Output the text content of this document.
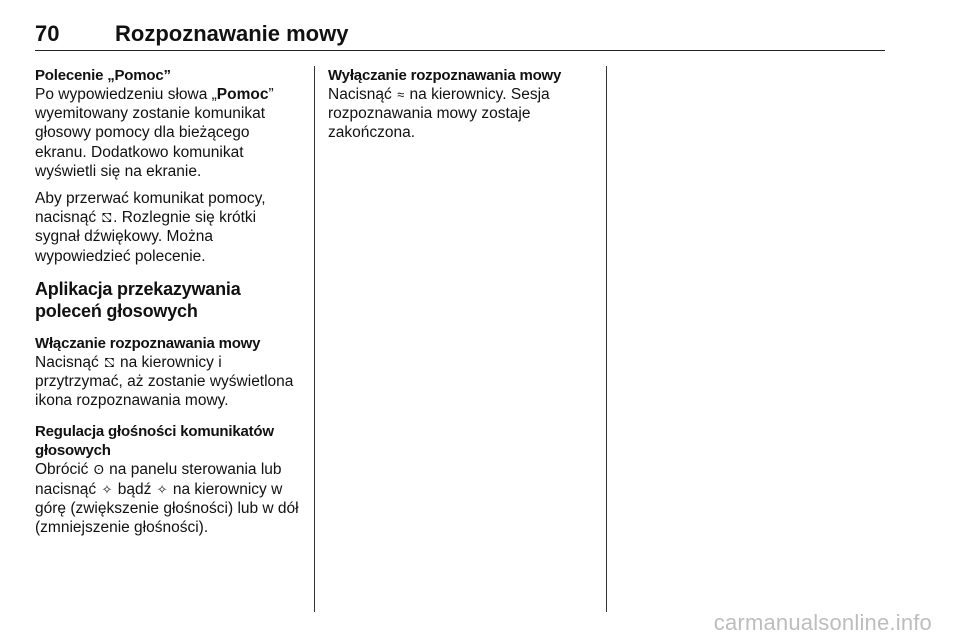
70	Rozpoznawanie mowy
Polecenie „Pomoc”

Po wypowiedzeniu słowa „Pomoc” wyemitowany zostanie komunikat głosowy pomocy dla bieżącego ekranu. Dodatkowo komunikat wyświetli się na ekranie.

Aby przerwać komunikat pomocy, nacisnąć ⛞. Rozlegnie się krótki sygnał dźwiękowy. Można wypowiedzieć polecenie.

Aplikacja przekazywania poleceń głosowych
Włączanie rozpoznawania mowy

Nacisnąć ⛞ na kierownicy i przytrzymać, aż zostanie wyświetlona ikona rozpoznawania mowy.

Regulacja głośności komunikatów głosowych

Obrócić ʘ na panelu sterowania lub nacisnąć ✧ bądź ✧ na kierownicy w górę (zwiększenie głośności) lub w dół (zmniejszenie głośności).

Wyłączanie rozpoznawania mowy

Nacisnąć ≈ na kierownicy. Sesja rozpoznawania mowy zostaje zakończona.

carmanualsonline.info
